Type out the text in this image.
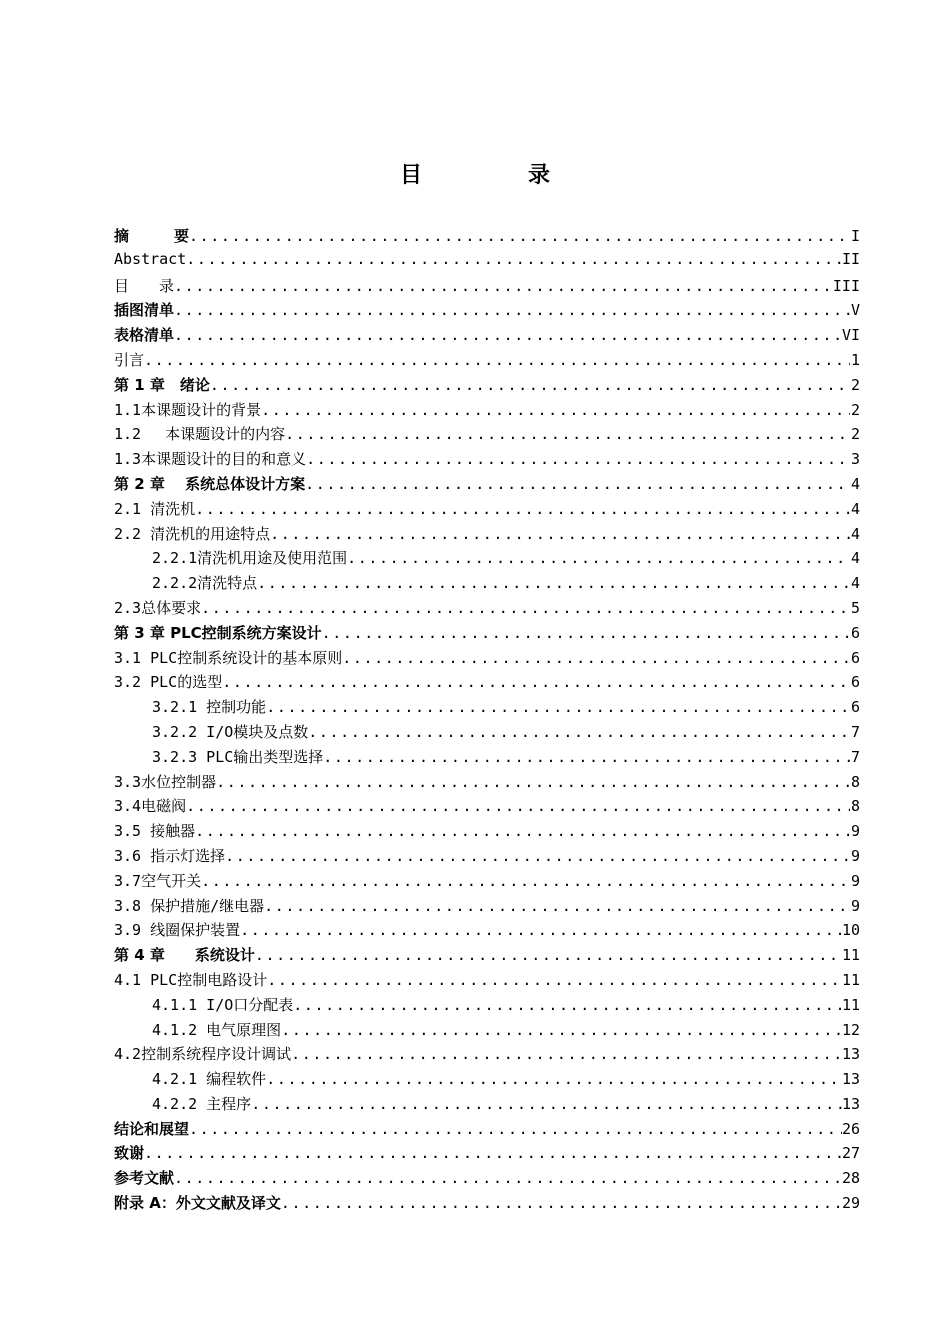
目　录
摘　　　要 .....	I
Abstract .....	II
目　　录 .....	III
插图清单 .....	V
表格清单 .....	VI
引言 .....	1
第 1 章　绪论 .....	2
1.1本课题设计的背景 .....	2
1.2　 本课题设计的内容 .....	2
1.3本课题设计的目的和意义 .....	3
第 2 章　 系统总体设计方案 .....	4
2.1 清洗机 .....	4
2.2 清洗机的用途特点 .....	4
2.2.1清洗机用途及使用范围 .....	4
2.2.2清洗特点 .....	4
2.3总体要求 .....	5
第 3 章 PLC控制系统方案设计 .....	6
3.1 PLC控制系统设计的基本原则 .....	6
3.2 PLC的选型 .....	6
3.2.1 控制功能 .....	6
3.2.2 I/O模块及点数 .....	7
3.2.3 PLC输出类型选择 .....	7
3.3水位控制器 .....	8
3.4电磁阀 .....	8
3.5 接触器 .....	9
3.6 指示灯选择 .....	9
3.7空气开关 .....	9
3.8 保护措施/继电器 .....	9
3.9 线圈保护装置 .....	10
第 4 章　　系统设计 .....	11
4.1 PLC控制电路设计 .....	11
4.1.1 I/O口分配表 .....	11
4.1.2 电气原理图 .....	12
4.2控制系统程序设计调试 .....	13
4.2.1 编程软件 .....	13
4.2.2 主程序 .....	13
结论和展望 .....	26
致谢 .....	27
参考文献 .....	28
附录 A：外文文献及译文 .....	29
